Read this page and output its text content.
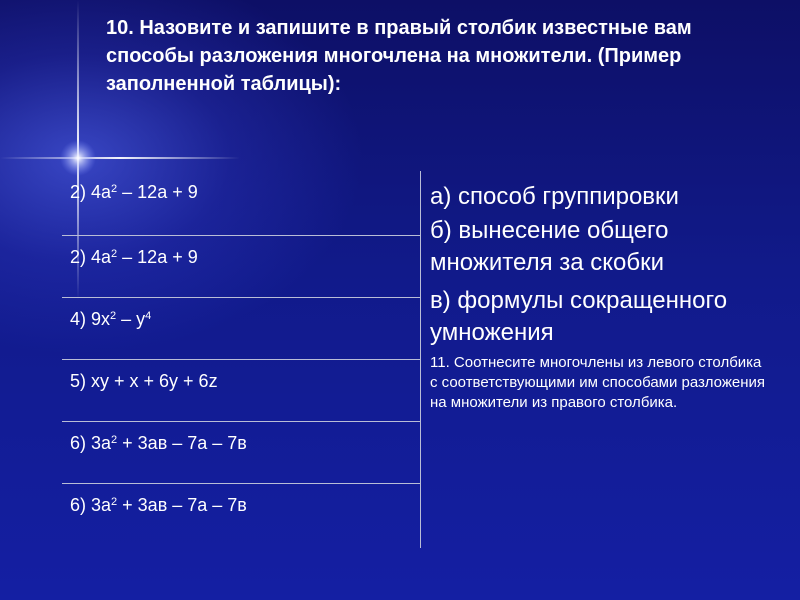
10. Назовите и запишите в правый столбик известные вам способы разложения многочлена на множители. (Пример заполненной таблицы):
2) $4а^2 - 12а + 9$
2) $4а^2 - 12а + 9$
4) $9х^2 - у^4$
5) ху + х + 6у + 6z
6) $3а^2 + 3ав - 7а - 7в$
6) $3а^2 + 3ав - 7а - 7в$
а) способ группировки
б) вынесение общего множителя за скобки
в) формулы сокращенного умножения
11. Соотнесите многочлены из левого столбика с соответствующими им способами разложения на множители из правого столбика.
